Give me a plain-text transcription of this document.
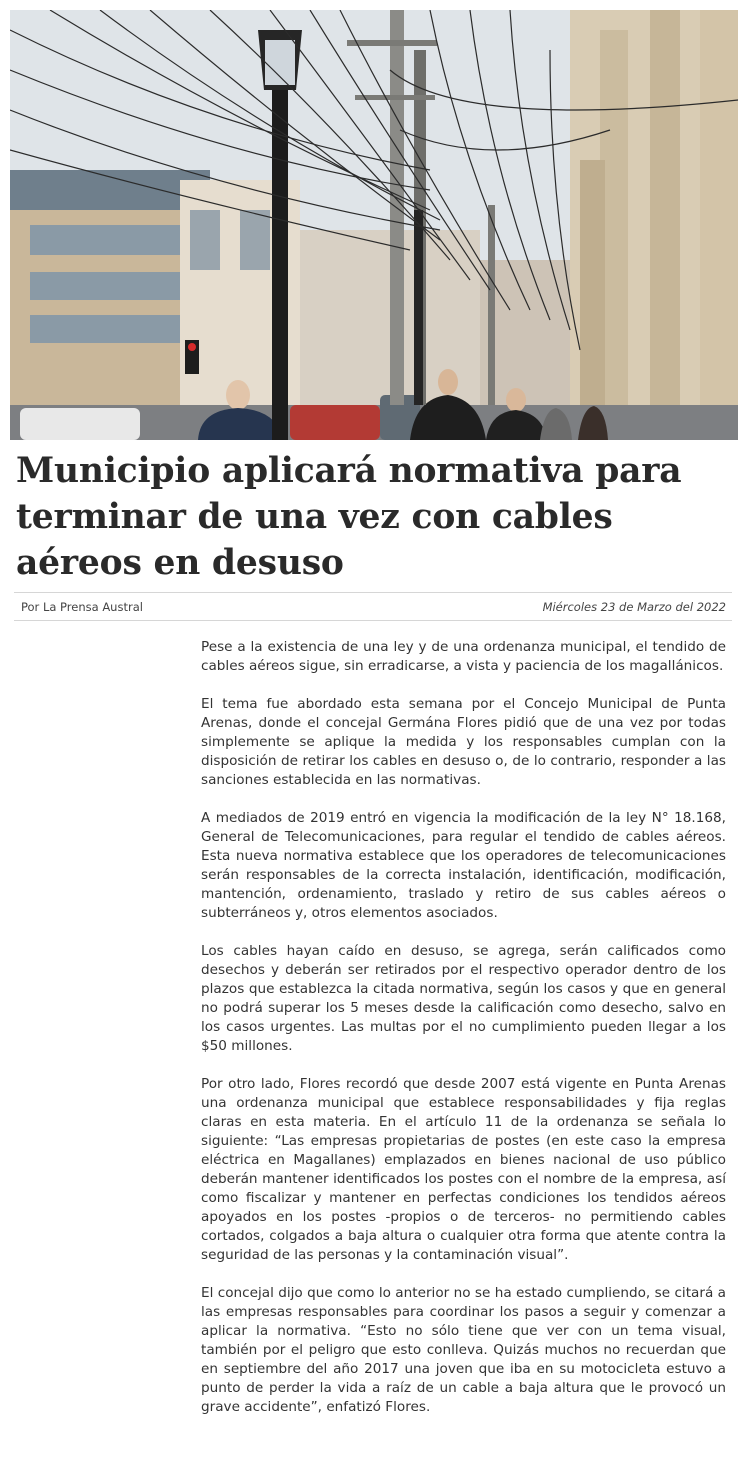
Municipio aplicará normativa para terminar de una vez con cables aéreos en desuso
Por La Prensa Austral	Miércoles 23 de Marzo del 2022

Pese a la existencia de una ley y de una ordenanza municipal, el tendido de cables aéreos sigue, sin erradicarse, a vista y paciencia de los magallánicos.

El tema fue abordado esta semana por el Concejo Municipal de Punta Arenas, donde el concejal Germána Flores pidió que de una vez por todas simplemente se aplique la medida y los responsables cumplan con la disposición de retirar los cables en desuso o, de lo contrario, responder a las sanciones establecida en las normativas.

A mediados de 2019 entró en vigencia la modificación de la ley N° 18.168, General de Telecomunicaciones, para regular el tendido de cables aéreos. Esta nueva normativa establece que los operadores de telecomunicaciones serán responsables de la correcta instalación, identificación, modificación, mantención, ordenamiento, traslado y retiro de sus cables aéreos o subterráneos y, otros elementos asociados.

Los cables hayan caído en desuso, se agrega, serán calificados como desechos y deberán ser retirados por el respectivo operador dentro de los plazos que establezca la citada normativa, según los casos y que en general no podrá superar los 5 meses desde la calificación como desecho, salvo en los casos urgentes. Las multas por el no cumplimiento pueden llegar a los $50 millones.

Por otro lado, Flores recordó que desde 2007 está vigente en Punta Arenas una ordenanza municipal que establece responsabilidades y fija reglas claras en esta materia. En el artículo 11 de la ordenanza se señala lo siguiente: “Las empresas propietarias de postes (en este caso la empresa eléctrica en Magallanes) emplazados en bienes nacional de uso público deberán mantener identificados los postes con el nombre de la empresa, así como fiscalizar y mantener en perfectas condiciones los tendidos aéreos apoyados en los postes -propios o de terceros- no permitiendo cables cortados, colgados a baja altura o cualquier otra forma que atente contra la seguridad de las personas y la contaminación visual”.

El concejal dijo que como lo anterior no se ha estado cumpliendo, se citará a las empresas responsables para coordinar los pasos a seguir y comenzar a aplicar la normativa. “Esto no sólo tiene que ver con un tema visual, también por el peligro que esto conlleva. Quizás muchos no recuerdan que en septiembre del año 2017 una joven que iba en su motocicleta estuvo a punto de perder la vida a raíz de un cable a baja altura que le provocó un grave accidente”, enfatizó Flores.
